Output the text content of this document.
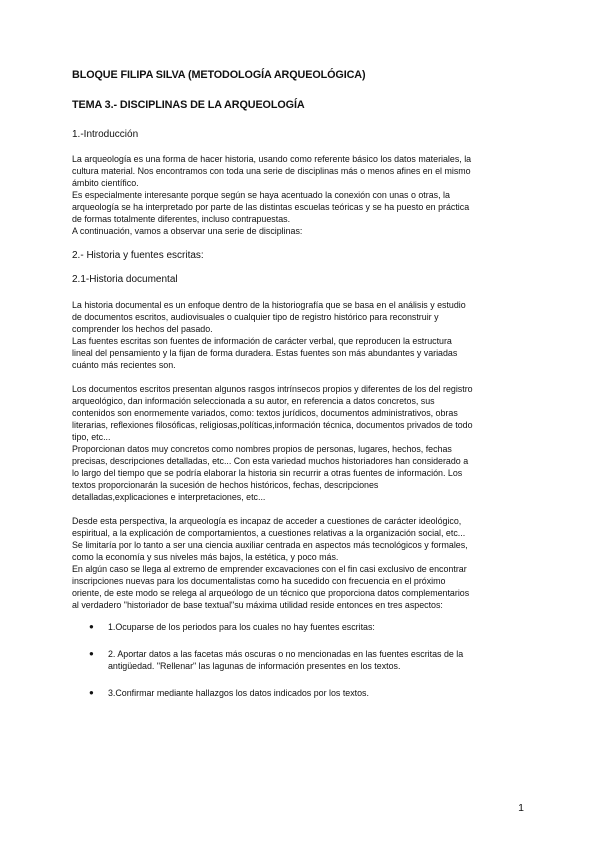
BLOQUE FILIPA SILVA (METODOLOGÍA ARQUEOLÓGICA)

TEMA 3.- DISCIPLINAS DE LA ARQUEOLOGÍA

1.-Introducción

La arqueología es una forma de hacer historia, usando como referente básico los datos materiales, la
cultura material. Nos encontramos con toda una serie de disciplinas más o menos afines en el mismo
ámbito científico.
Es especialmente interesante porque según se haya acentuado la conexión con unas o otras, la
arqueología se ha interpretado por parte de las distintas escuelas teóricas y se ha puesto en práctica
de formas totalmente diferentes, incluso contrapuestas.
A continuación, vamos a observar una serie de disciplinas:

2.- Historia y fuentes escritas:

2.1-Historia documental

La historia documental es un enfoque dentro de la historiografía que se basa en el análisis y estudio
de documentos escritos, audiovisuales o cualquier tipo de registro histórico para reconstruir y
comprender los hechos del pasado.
Las fuentes escritas son fuentes de información de carácter verbal, que reproducen la estructura
lineal del pensamiento y la fijan de forma duradera. Estas fuentes son más abundantes y variadas
cuánto más recientes son.
Los documentos escritos presentan algunos rasgos intrínsecos propios y diferentes de los del registro
arqueológico, dan información seleccionada a su autor, en referencia a datos concretos, sus
contenidos son enormemente variados, como: textos jurídicos, documentos administrativos, obras
literarias, reflexiones filosóficas, religiosas,políticas,información técnica, documentos privados de todo
tipo, etc...
Proporcionan datos muy concretos como nombres propios de personas, lugares, hechos, fechas
precisas, descripciones detalladas, etc... Con esta variedad muchos historiadores han considerado a
lo largo del tiempo que se podría elaborar la historia sin recurrir a otras fuentes de información. Los
textos proporcionarán la sucesión de hechos históricos, fechas, descripciones
detalladas,explicaciones e interpretaciones, etc...
Desde esta perspectiva, la arqueología es incapaz de acceder a cuestiones de carácter ideológico,
espiritual, a la explicación de comportamientos, a cuestiones relativas a la organización social, etc...
Se limitaría por lo tanto a ser una ciencia auxiliar centrada en aspectos más tecnológicos y formales,
como la economía y sus niveles más bajos, la estética, y poco más.
En algún caso se llega al extremo de emprender excavaciones con el fin casi exclusivo de encontrar
inscripciones nuevas para los documentalistas como ha sucedido con frecuencia en el próximo
oriente, de este modo se relega al arqueólogo de un técnico que proporciona datos complementarios
al verdadero "historiador de base textual"su máxima utilidad reside entonces en tres aspectos:
● 1.Ocuparse de los periodos para los cuales no hay fuentes escritas:
● 2. Aportar datos a las facetas más oscuras o no mencionadas en las fuentes escritas de la
antigüedad. "Rellenar" las lagunas de información presentes en los textos.
● 3.Confirmar mediante hallazgos los datos indicados por los textos.
1
